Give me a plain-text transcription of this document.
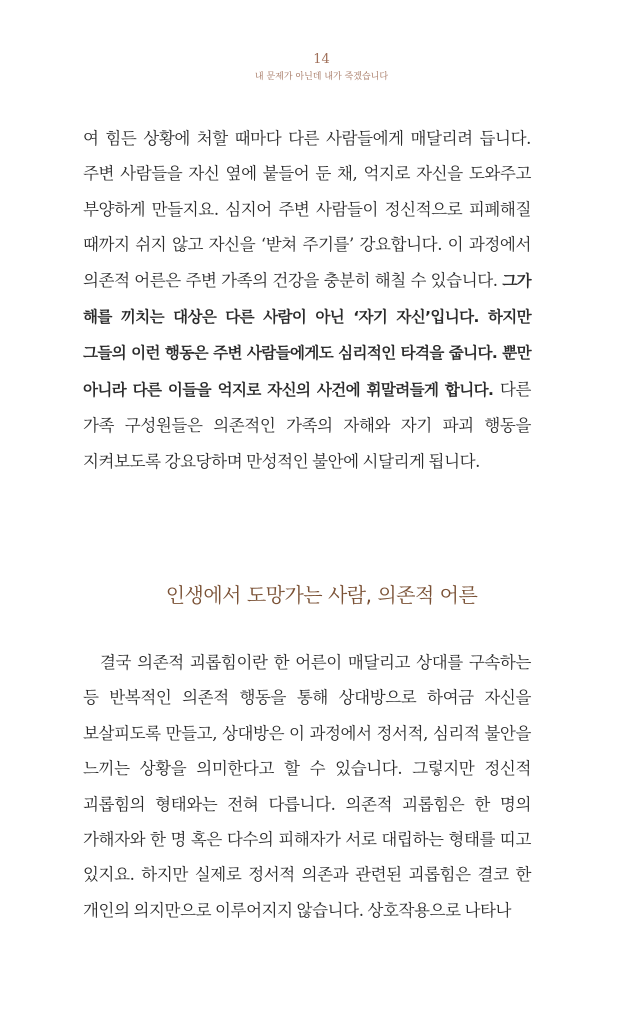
14
내 문제가 아닌데 내가 죽겠습니다

여 힘든 상황에 처할 때마다 다른 사람들에게 매달리려 듭니다. 주변 사람들을 자신 옆에 붙들어 둔 채, 억지로 자신을 도와주고 부양하게 만들지요. 심지어 주변 사람들이 정신적으로 피폐해질 때까지 쉬지 않고 자신을 ‘받쳐 주기를’ 강요합니다. 이 과정에서 의존적 어른은 주변 가족의 건강을 충분히 해칠 수 있습니다. 그가 해를 끼치는 대상은 다른 사람이 아닌 ‘자기 자신’입니다. 하지만 그들의 이런 행동은 주변 사람들에게도 심리적인 타격을 줍니다. 뿐만 아니라 다른 이들을 억지로 자신의 사건에 휘말려들게 합니다. 다른 가족 구성원들은 의존적인 가족의 자해와 자기 파괴 행동을 지켜보도록 강요당하며 만성적인 불안에 시달리게 됩니다.

인생에서 도망가는 사람, 의존적 어른

결국 의존적 괴롭힘이란 한 어른이 매달리고 상대를 구속하는 등 반복적인 의존적 행동을 통해 상대방으로 하여금 자신을 보살피도록 만들고, 상대방은 이 과정에서 정서적, 심리적 불안을 느끼는 상황을 의미한다고 할 수 있습니다. 그렇지만 정신적 괴롭힘의 형태와는 전혀 다릅니다. 의존적 괴롭힘은 한 명의 가해자와 한 명 혹은 다수의 피해자가 서로 대립하는 형태를 띠고 있지요. 하지만 실제로 정서적 의존과 관련된 괴롭힘은 결코 한 개인의 의지만으로 이루어지지 않습니다. 상호작용으로 나타나
